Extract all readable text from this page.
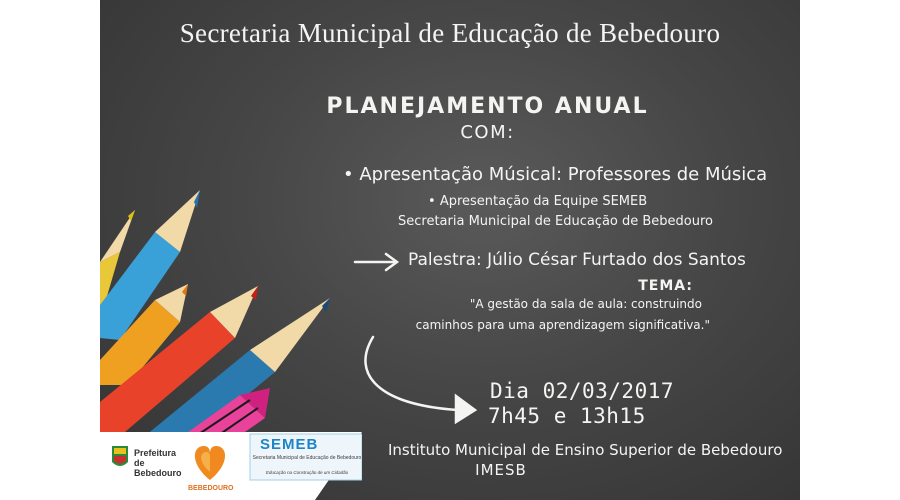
Secretaria Municipal de Educação de Bebedouro
PLANEJAMENTO ANUAL
COM:
• Apresentação Músical: Professores de Música
• Apresentação da Equipe SEMEB
Secretaria Municipal de Educação de Bebedouro
Palestra: Júlio César Furtado dos Santos
TEMA:
"A gestão da sala de aula: construindo
caminhos para uma aprendizagem significativa."
Dia 02/03/2017
7h45 e 13h15
Instituto Municipal de Ensino Superior de Bebedouro
IMESB
Prefeitura de Bebedouro
BEBEDOURO
SEMEB
Secretaria Municipal de Educação de Bebedouro
Educação na Construção de um Cidadão
